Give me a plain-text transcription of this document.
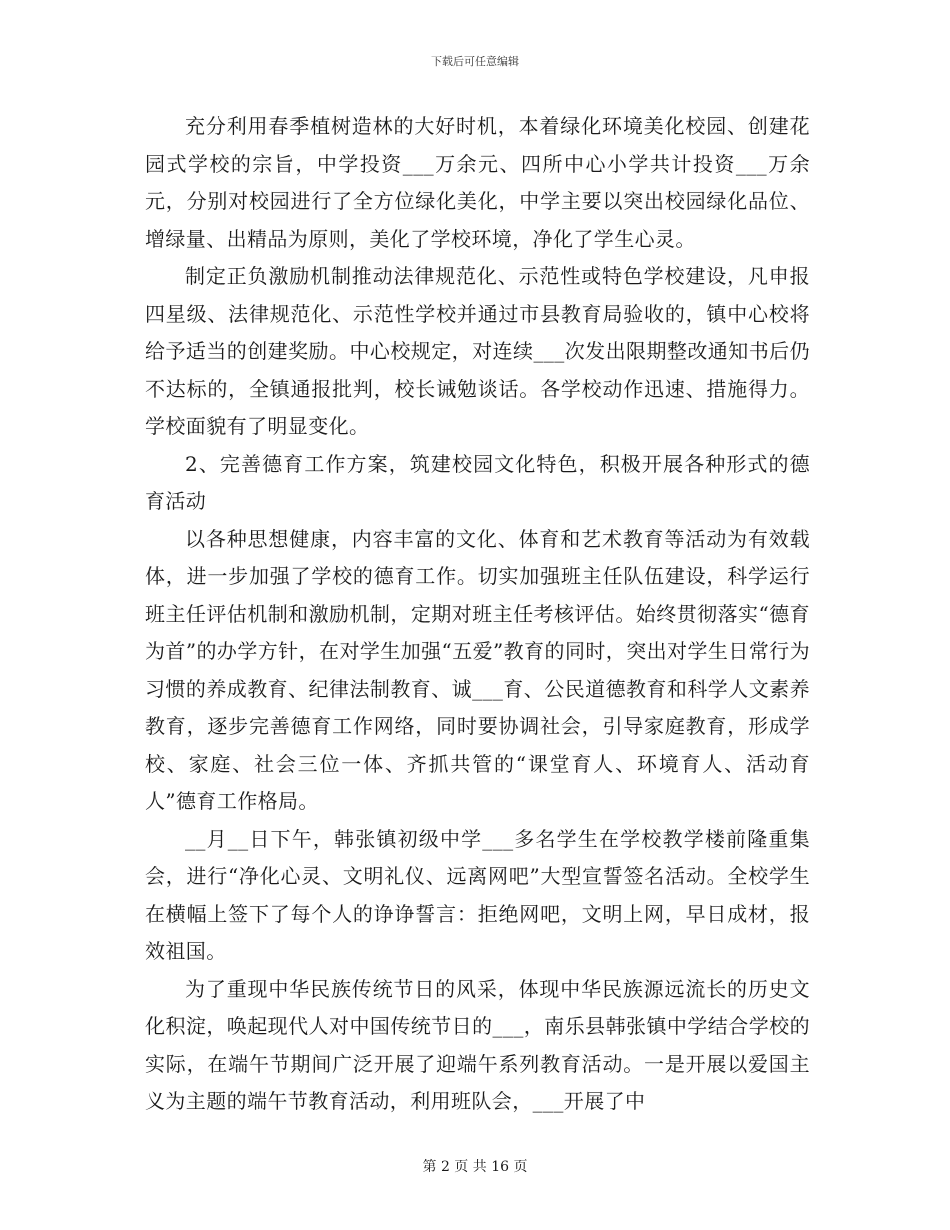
下载后可任意编辑

充分利用春季植树造林的大好时机，本着绿化环境美化校园、创建花园式学校的宗旨，中学投资___万余元、四所中心小学共计投资___万余元，分别对校园进行了全方位绿化美化，中学主要以突出校园绿化品位、增绿量、出精品为原则，美化了学校环境，净化了学生心灵。

制定正负激励机制推动法律规范化、示范性或特色学校建设，凡申报四星级、法律规范化、示范性学校并通过市县教育局验收的，镇中心校将给予适当的创建奖励。中心校规定，对连续___次发出限期整改通知书后仍不达标的，全镇通报批判，校长诫勉谈话。各学校动作迅速、措施得力。学校面貌有了明显变化。

2、完善德育工作方案，筑建校园文化特色，积极开展各种形式的德育活动

以各种思想健康，内容丰富的文化、体育和艺术教育等活动为有效载体，进一步加强了学校的德育工作。切实加强班主任队伍建设，科学运行班主任评估机制和激励机制，定期对班主任考核评估。始终贯彻落实“德育为首”的办学方针，在对学生加强“五爱”教育的同时，突出对学生日常行为习惯的养成教育、纪律法制教育、诚___育、公民道德教育和科学人文素养教育，逐步完善德育工作网络，同时要协调社会，引导家庭教育，形成学校、家庭、社会三位一体、齐抓共管的“课堂育人、环境育人、活动育人”德育工作格局。

__月__日下午，韩张镇初级中学___多名学生在学校教学楼前隆重集会，进行“净化心灵、文明礼仪、远离网吧”大型宣誓签名活动。全校学生在横幅上签下了每个人的诤诤誓言：拒绝网吧，文明上网，早日成材，报效祖国。

为了重现中华民族传统节日的风采，体现中华民族源远流长的历史文化积淀，唤起现代人对中国传统节日的___，南乐县韩张镇中学结合学校的实际，在端午节期间广泛开展了迎端午系列教育活动。一是开展以爱国主义为主题的端午节教育活动，利用班队会，___开展了中

第 2 页 共 16 页
